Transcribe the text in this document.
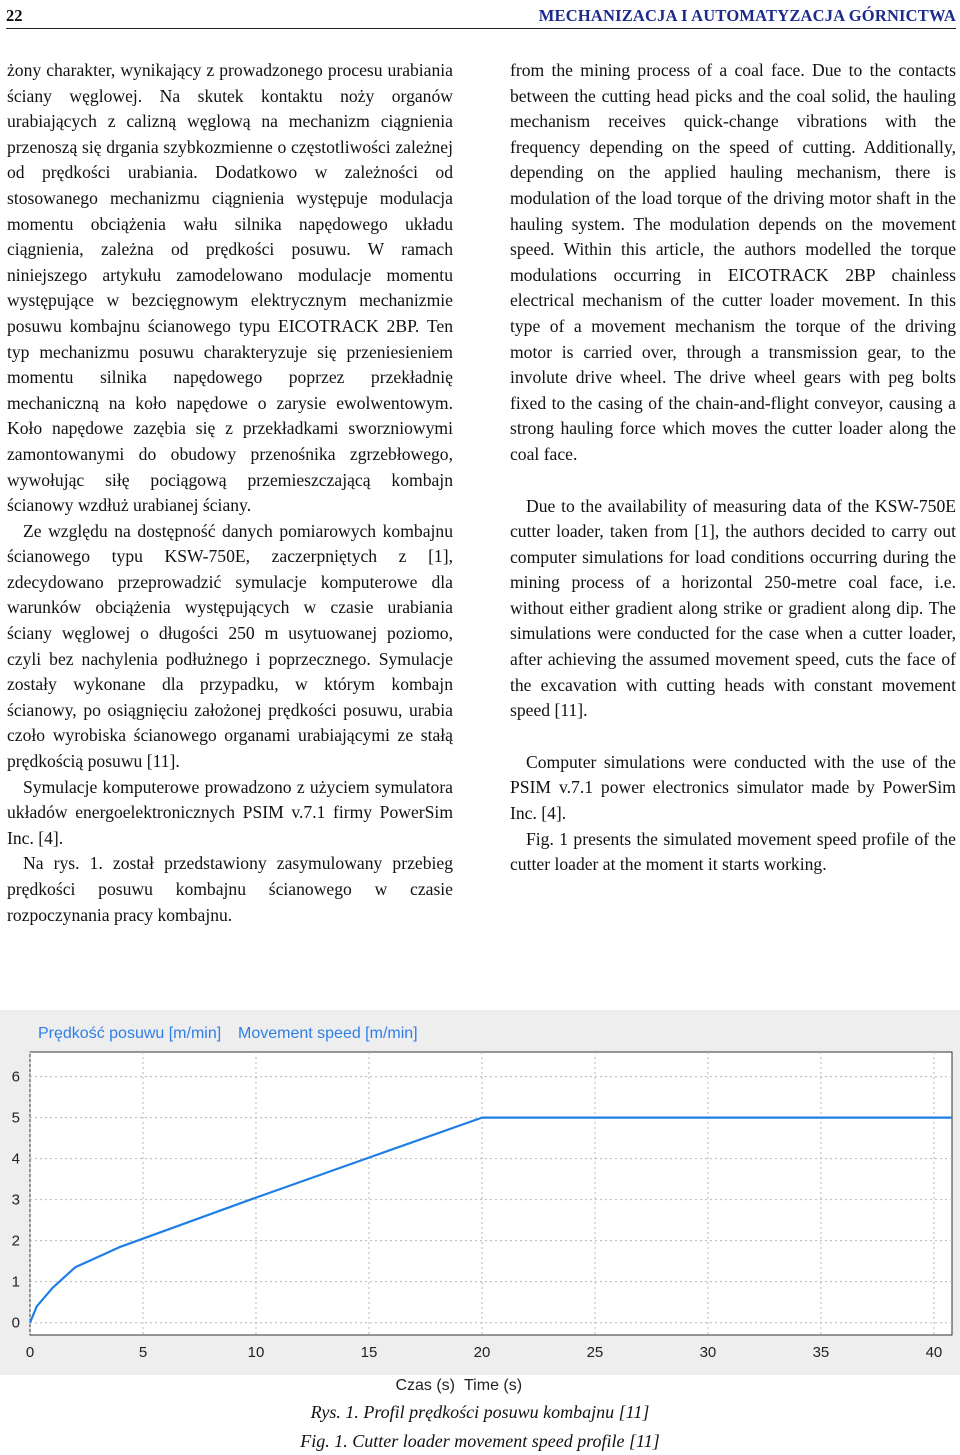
22	MECHANIZACJA I AUTOMATYZACJA GÓRNICTWA

żony charakter, wynikający z prowadzonego procesu urabiania ściany węglowej. Na skutek kontaktu noży organów urabiających z calizną węglową na mechanizm ciągnienia przenoszą się drgania szybkozmienne o częstotliwości zależnej od prędkości urabiania. Dodatkowo w zależności od stosowanego mechanizmu ciągnienia występuje modulacja momentu obciążenia wału silnika napędowego układu ciągnienia, zależna od prędkości posuwu. W ramach niniejszego artykułu zamodelowano modulacje momentu występujące w bezcięgnowym elektrycznym mechanizmie posuwu kombajnu ścianowego typu EICOTRACK 2BP. Ten typ mechanizmu posuwu charakteryzuje się przeniesieniem momentu silnika napędowego poprzez przekładnię mechaniczną na koło napędowe o zarysie ewolwentowym. Koło napędowe zazębia się z przekładkami sworzniowymi zamontowanymi do obudowy przenośnika zgrzebłowego, wywołując siłę pociągową przemieszczającą kombajn ścianowy wzdłuż urabianej ściany.

Ze względu na dostępność danych pomiarowych kombajnu ścianowego typu KSW-750E, zaczerpniętych z [1], zdecydowano przeprowadzić symulacje komputerowe dla warunków obciążenia występujących w czasie urabiania ściany węglowej o długości 250 m usytuowanej poziomo, czyli bez nachylenia podłużnego i poprzecznego. Symulacje zostały wykonane dla przypadku, w którym kombajn ścianowy, po osiągnięciu założonej prędkości posuwu, urabia czoło wyrobiska ścianowego organami urabiającymi ze stałą prędkością posuwu [11].

Symulacje komputerowe prowadzono z użyciem symulatora układów energoelektronicznych PSIM v.7.1 firmy PowerSim Inc. [4].

Na rys. 1. został przedstawiony zasymulowany przebieg prędkości posuwu kombajnu ścianowego w czasie rozpoczynania pracy kombajnu.

from the mining process of a coal face. Due to the contacts between the cutting head picks and the coal solid, the hauling mechanism receives quick-change vibrations with the frequency depending on the speed of cutting. Additionally, depending on the applied hauling mechanism, there is modulation of the load torque of the driving motor shaft in the hauling system. The modulation depends on the movement speed. Within this article, the authors modelled the torque modulations occurring in EICOTRACK 2BP chainless electrical mechanism of the cutter loader movement. In this type of a movement mechanism the torque of the driving motor is carried over, through a transmission gear, to the involute drive wheel. The drive wheel gears with peg bolts fixed to the casing of the chain-and-flight conveyor, causing a strong hauling force which moves the cutter loader along the coal face.

Due to the availability of measuring data of the KSW-750E cutter loader, taken from [1], the authors decided to carry out computer simulations for load conditions occurring during the mining process of a horizontal 250-metre coal face, i.e. without either gradient along strike or gradient along dip. The simulations were conducted for the case when a cutter loader, after achieving the assumed movement speed, cuts the face of the excavation with cutting heads with constant movement speed [11].

Computer simulations were conducted with the use of the PSIM v.7.1 power electronics simulator made by PowerSim Inc. [4].

Fig. 1 presents the simulated movement speed profile of the cutter loader at the moment it starts working.

Prędkość posuwu [m/min] Movement speed [m/min]
0
1
2
3
4
5
6
0	5	10	15	20	25	30	35	40
Czas (s) Time (s)
Rys. 1. Profil prędkości posuwu kombajnu [11]
Fig. 1. Cutter loader movement speed profile [11]
